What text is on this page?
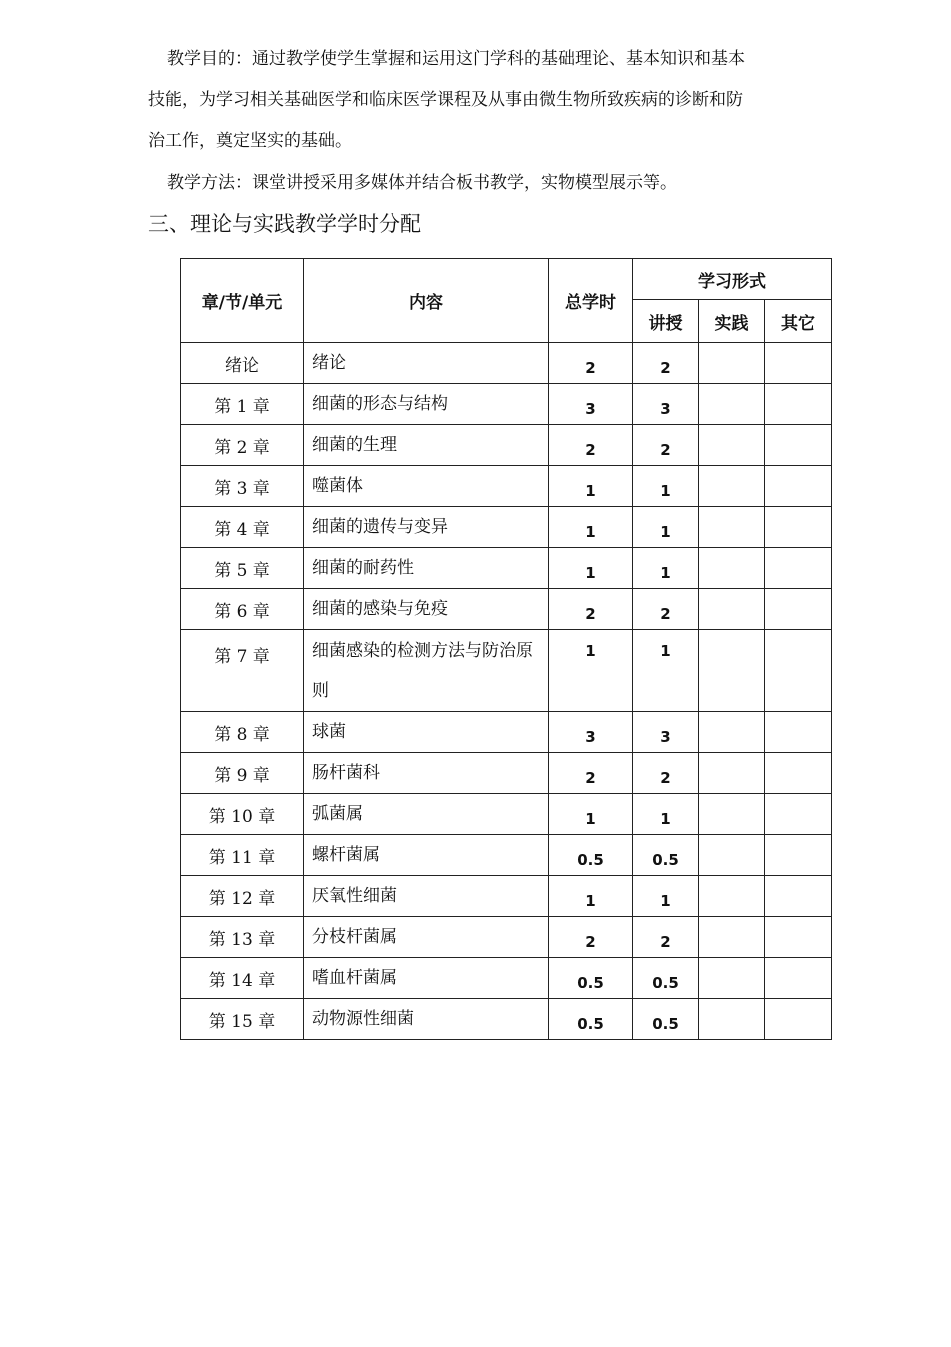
教学目的：通过教学使学生掌握和运用这门学科的基础理论、基本知识和基本
技能，为学习相关基础医学和临床医学课程及从事由微生物所致疾病的诊断和防
治工作，奠定坚实的基础。
教学方法：课堂讲授采用多媒体并结合板书教学，实物模型展示等。
三、理论与实践教学学时分配
章/节/单元	内容	总学时	学习形式		
			讲授	实践	其它
绪论	绪论	2	2		
第 1 章	细菌的形态与结构	3	3		
第 2 章	细菌的生理	2	2		
第 3 章	噬菌体	1	1		
第 4 章	细菌的遗传与变异	1	1		
第 5 章	细菌的耐药性	1	1		
第 6 章	细菌的感染与免疫	2	2		
第 7 章	细菌感染的检测方法与防治原则	1	1		
第 8 章	球菌	3	3		
第 9 章	肠杆菌科	2	2		
第 10 章	弧菌属	1	1		
第 11 章	螺杆菌属	0.5	0.5		
第 12 章	厌氧性细菌	1	1		
第 13 章	分枝杆菌属	2	2		
第 14 章	嗜血杆菌属	0.5	0.5		
第 15 章	动物源性细菌	0.5	0.5		
